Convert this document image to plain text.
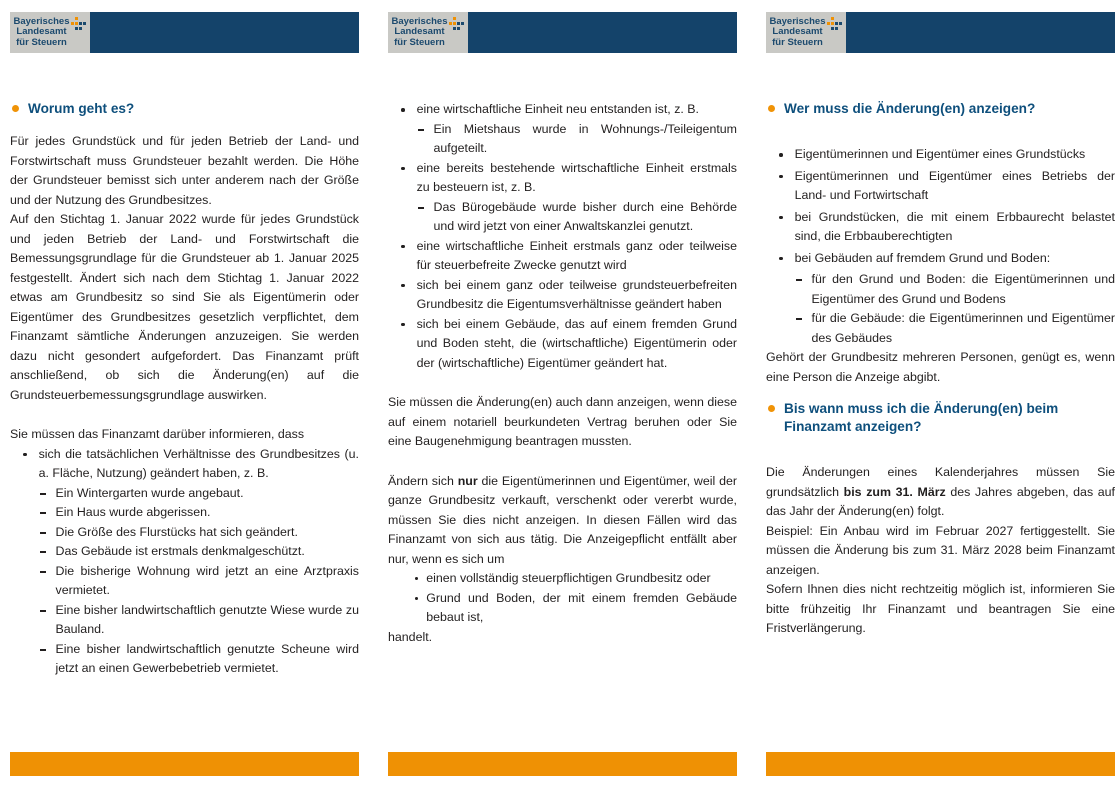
Bayerisches
Landesamt
für Steuern
Worum geht es?

Für jedes Grundstück und für jeden Betrieb der Land- und Forstwirtschaft muss Grundsteuer bezahlt werden. Die Höhe der Grundsteuer bemisst sich unter anderem nach der Größe und der Nutzung des Grundbesitzes.

Auf den Stichtag 1. Januar 2022 wurde für jedes Grundstück und jeden Betrieb der Land- und Forstwirtschaft die Bemessungsgrundlage für die Grundsteuer ab 1. Januar 2025 festgestellt. Ändert sich nach dem Stichtag 1. Januar 2022 etwas am Grundbesitz so sind Sie als Eigentümerin oder Eigentümer des Grundbesitzes gesetzlich verpflichtet, dem Finanzamt sämtliche Änderungen anzuzeigen. Sie werden dazu nicht gesondert aufgefordert. Das Finanzamt prüft anschließend, ob sich die Änderung(en) auf die Grundsteuerbemessungsgrundlage auswirken.

Sie müssen das Finanzamt darüber informieren, dass

sich die tatsächlichen Verhältnisse des Grundbesitzes (u. a. Fläche, Nutzung) geändert haben, z. B.
Ein Wintergarten wurde angebaut.
Ein Haus wurde abgerissen.
Die Größe des Flurstücks hat sich geändert.
Das Gebäude ist erstmals denkmalgeschützt.
Die bisherige Wohnung wird jetzt an eine Arztpraxis vermietet.
Eine bisher landwirtschaftlich genutzte Wiese wurde zu Bauland.
Eine bisher landwirtschaftlich genutzte Scheune wird jetzt an einen Gewerbebetrieb vermietet.
Bayerisches
Landesamt
für Steuern
eine wirtschaftliche Einheit neu entstanden ist, z. B.
Ein Mietshaus wurde in Wohnungs-/Teileigentum aufgeteilt.
eine bereits bestehende wirtschaftliche Einheit erstmals zu besteuern ist, z. B.
Das Bürogebäude wurde bisher durch eine Behörde und wird jetzt von einer Anwaltskanzlei genutzt.
eine wirtschaftliche Einheit erstmals ganz oder teilweise für steuerbefreite Zwecke genutzt wird
sich bei einem ganz oder teilweise grundsteuerbefreiten Grundbesitz die Eigentumsverhältnisse geändert haben
sich bei einem Gebäude, das auf einem fremden Grund und Boden steht, die (wirtschaftliche) Eigentümerin oder der (wirtschaftliche) Eigentümer geändert hat.

Sie müssen die Änderung(en) auch dann anzeigen, wenn diese auf einem notariell beurkundeten Vertrag beruhen oder Sie eine Baugenehmigung beantragen mussten.

Ändern sich nur die Eigentümerinnen und Eigentümer, weil der ganze Grundbesitz verkauft, verschenkt oder vererbt wurde, müssen Sie dies nicht anzeigen. In diesen Fällen wird das Finanzamt von sich aus tätig. Die Anzeigepflicht entfällt aber nur, wenn es sich um

einen vollständig steuerpflichtigen Grundbesitz oder
Grund und Boden, der mit einem fremden Gebäude bebaut ist,

handelt.

Bayerisches
Landesamt
für Steuern
Wer muss die Änderung(en) anzeigen?
Eigentümerinnen und Eigentümer eines Grundstücks
Eigentümerinnen und Eigentümer eines Betriebs der Land- und Fortwirtschaft
bei Grundstücken, die mit einem Erbbaurecht belastet sind, die Erbbauberechtigten
bei Gebäuden auf fremdem Grund und Boden:
für den Grund und Boden: die Eigentümerinnen und Eigentümer des Grund und Bodens
für die Gebäude: die Eigentümerinnen und Eigentümer des Gebäudes

Gehört der Grundbesitz mehreren Personen, genügt es, wenn eine Person die Anzeige abgibt.

Bis wann muss ich die Änderung(en) beim Finanzamt anzeigen?

Die Änderungen eines Kalenderjahres müssen Sie grundsätzlich bis zum 31. März des Jahres abgeben, das auf das Jahr der Änderung(en) folgt.

Beispiel: Ein Anbau wird im Februar 2027 fertiggestellt. Sie müssen die Änderung bis zum 31. März 2028 beim Finanzamt anzeigen.

Sofern Ihnen dies nicht rechtzeitig möglich ist, informieren Sie bitte frühzeitig Ihr Finanzamt und beantragen Sie eine Fristverlängerung.
